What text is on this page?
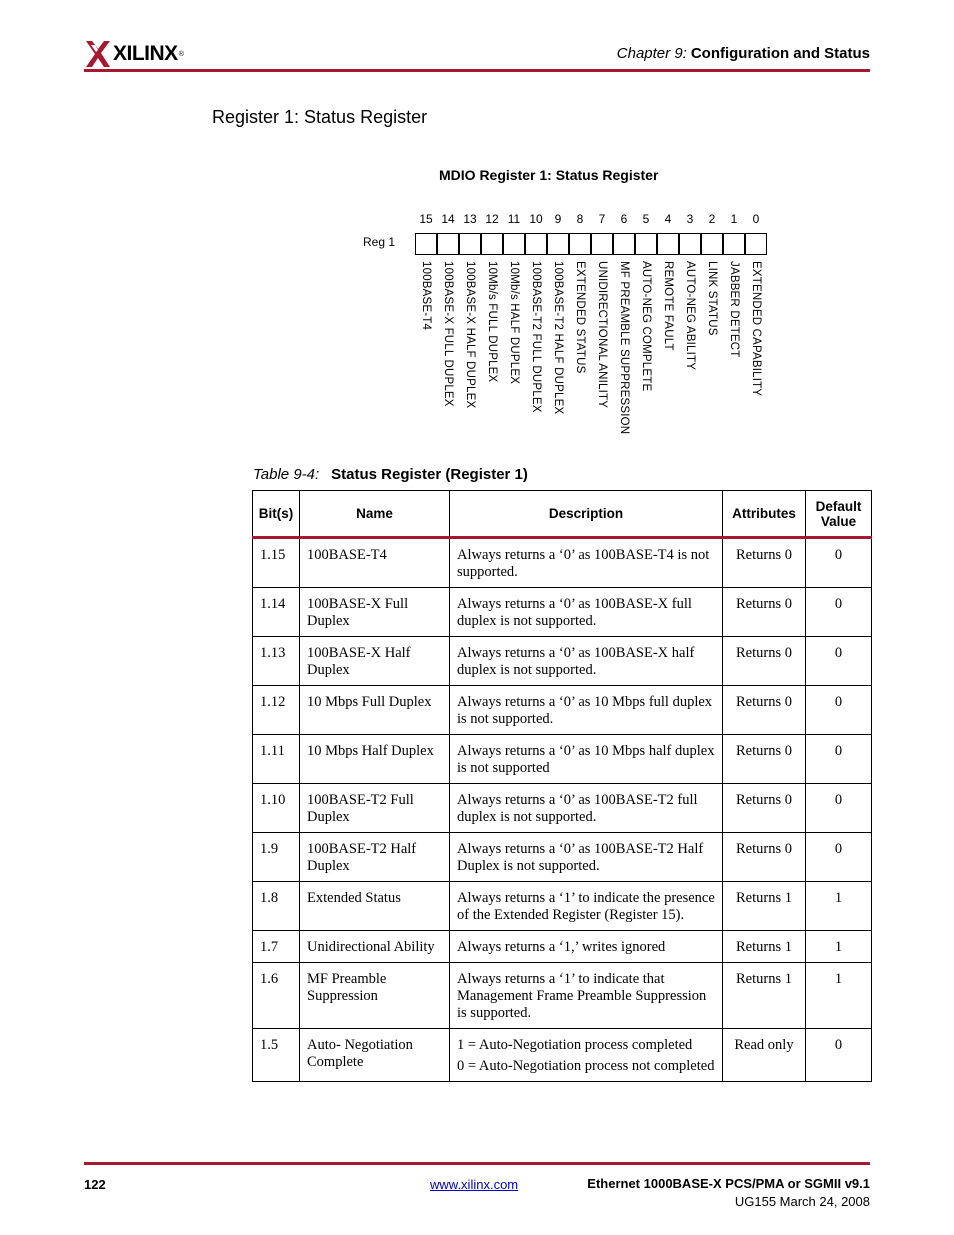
XILINX ®	Chapter 9: Configuration and Status
Register 1: Status Register
MDIO Register 1: Status Register
Reg 1
15
100BASE-T4
14
100BASE-X FULL DUPLEX
13
100BASE-X HALF DUPLEX
12
10Mb/s FULL DUPLEX
11
10Mb/s HALF DUPLEX
10
100BASE-T2 FULL DUPLEX
9
100BASE-T2 HALF DUPLEX
8
EXTENDED STATUS
7
UNIDIRECTIONAL ANILITY
6
MF PREAMBLE SUPPRESSION
5
AUTO-NEG COMPLETE
4
REMOTE FAULT
3
AUTO-NEG ABILITY
2
LINK STATUS
1
JABBER DETECT
0
EXTENDED CAPABILITY
Table 9-4: Status Register (Register 1)
Bit(s)	Name	Description	Attributes	Default Value
1.15	100BASE-T4	Always returns a ‘0’ as 100BASE-T4 is not supported.	Returns 0	0
1.14	100BASE-X Full Duplex	Always returns a ‘0’ as 100BASE-X full duplex is not supported.	Returns 0	0
1.13	100BASE-X Half Duplex	Always returns a ‘0’ as 100BASE-X half duplex is not supported.	Returns 0	0
1.12	10 Mbps Full Duplex	Always returns a ‘0’ as 10 Mbps full duplex is not supported.	Returns 0	0
1.11	10 Mbps Half Duplex	Always returns a ‘0’ as 10 Mbps half duplex is not supported	Returns 0	0
1.10	100BASE-T2 Full Duplex	Always returns a ‘0’ as 100BASE-T2 full duplex is not supported.	Returns 0	0
1.9	100BASE-T2 Half Duplex	Always returns a ‘0’ as 100BASE-T2 Half Duplex is not supported.	Returns 0	0
1.8	Extended Status	Always returns a ‘1’ to indicate the presence of the Extended Register (Register 15).	Returns 1	1
1.7	Unidirectional Ability	Always returns a ‘1,’ writes ignored	Returns 1	1
1.6	MF Preamble Suppression	Always returns a ‘1’ to indicate that Management Frame Preamble Suppression is supported.	Returns 1	1
1.5	Auto- Negotiation Complete	1 = Auto-Negotiation process completed

0 = Auto-Negotiation process not completed	Read only	0
122	www.xilinx.com	Ethernet 1000BASE-X PCS/PMA or SGMII v9.1
UG155 March 24, 2008
